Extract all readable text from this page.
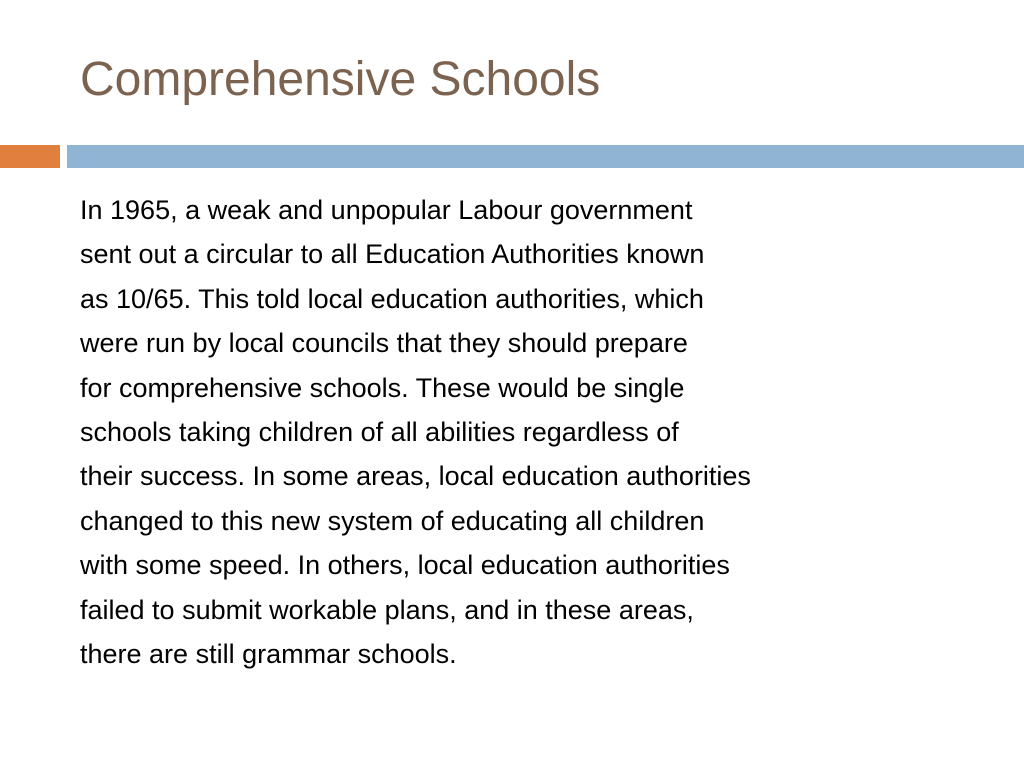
Comprehensive Schools
In 1965, a weak and unpopular Labour government
sent out a circular to all Education Authorities known
as 10/65. This told local education authorities, which
were run by local councils that they should prepare
for comprehensive schools. These would be single
schools taking children of all abilities regardless of
their success. In some areas, local education authorities
changed to this new system of educating all children
with some speed. In others, local education authorities
failed to submit workable plans, and in these areas,
there are still grammar schools.
